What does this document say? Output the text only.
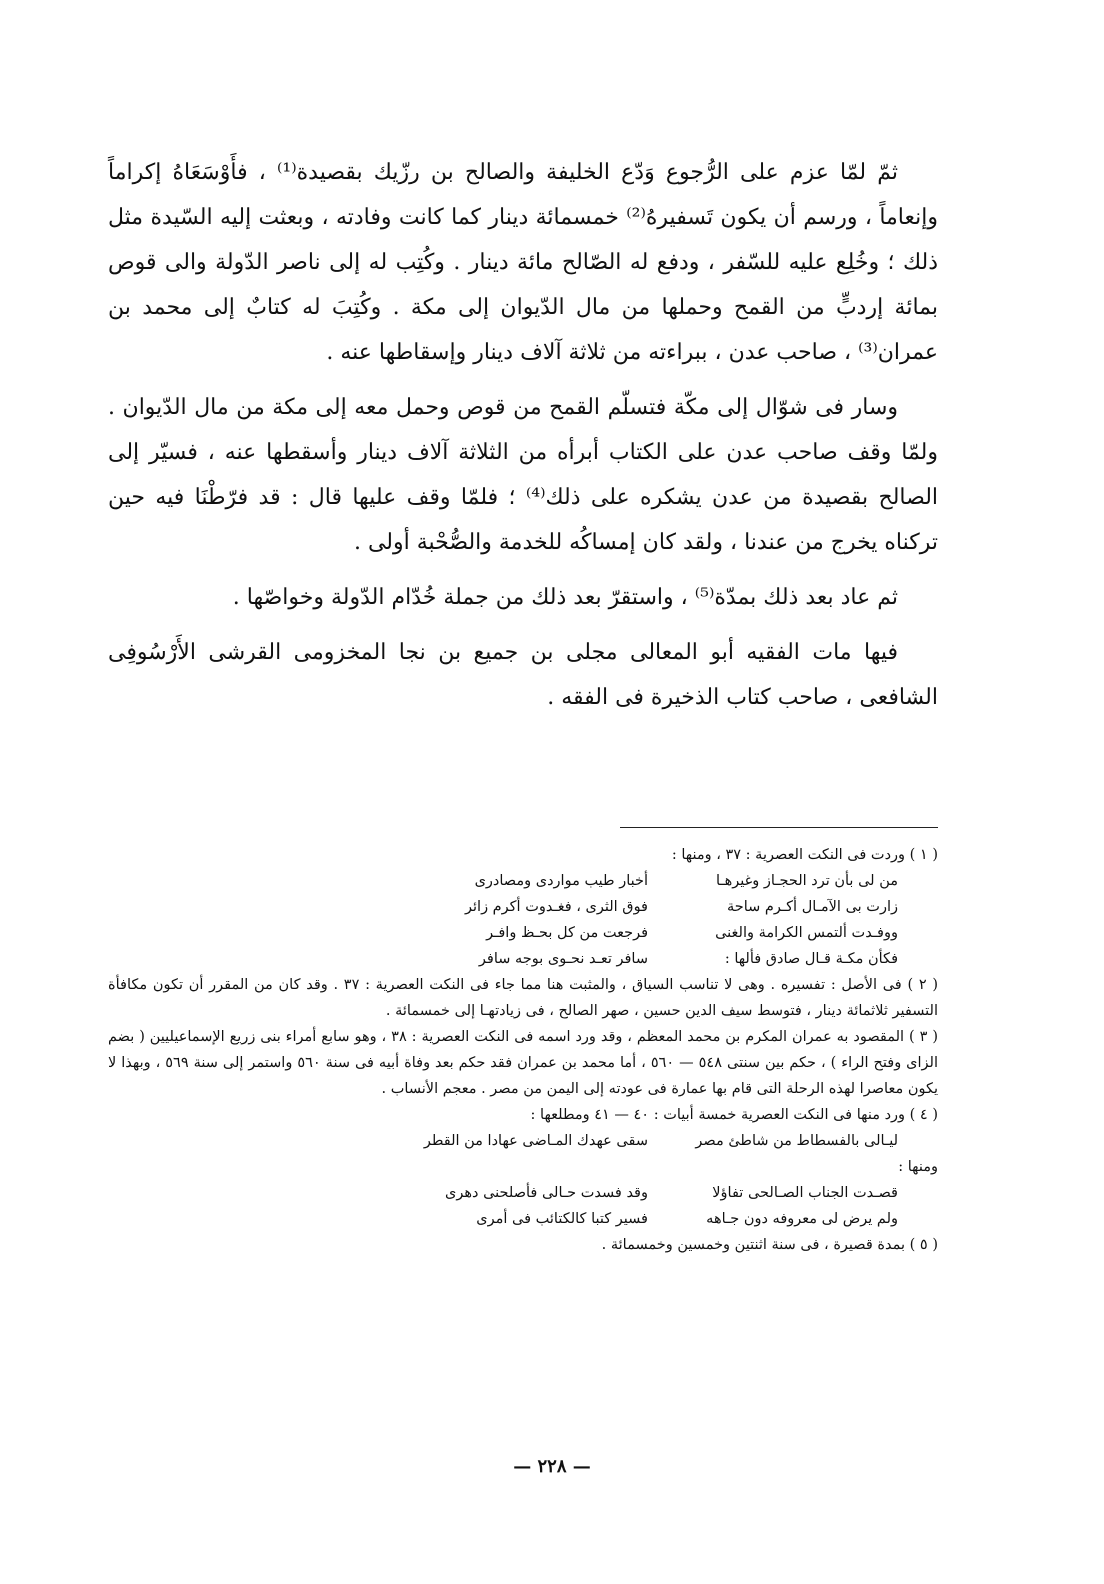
ثمّ لمّا عزم على الرُّجوع وَدّع الخليفة والصالح بن رزّيك بقصيدة⁽¹⁾ ، فأَوْسَعَاهُ إكراماً وإنعاماً ، ورسم أن يكون تَسفيرهُ⁽²⁾ خمسمائة دينار كما كانت وفادته ، وبعثت إليه السّيدة مثل ذلك ؛ وخُلِع عليه للسّفر ، ودفع له الصّالح مائة دينار . وكُتِب له إلى ناصر الدّولة والى قوص بمائة إردبٍّ من القمح وحملها من مال الدّيوان إلى مكة . وكُتِبَ له كتابٌ إلى محمد بن عمران⁽³⁾ ، صاحب عدن ، ببراءته من ثلاثة آلاف دينار وإسقاطها عنه .

وسار فى شوّال إلى مكّة فتسلّم القمح من قوص وحمل معه إلى مكة من مال الدّيوان . ولمّا وقف صاحب عدن على الكتاب أبرأه من الثلاثة آلاف دينار وأسقطها عنه ، فسيّر إلى الصالح بقصيدة من عدن يشكره على ذلك⁽⁴⁾ ؛ فلمّا وقف عليها قال : قد فرّطْنَا فيه حين تركناه يخرج من عندنا ، ولقد كان إمساكُه للخدمة والصُّحْبة أولى .

ثم عاد بعد ذلك بمدّة⁽⁵⁾ ، واستقرّ بعد ذلك من جملة خُدّام الدّولة وخواصّها .

فيها مات الفقيه أبو المعالى مجلى بن جميع بن نجا المخزومى القرشى الأَرْسُوفِى الشافعى ، صاحب كتاب الذخيرة فى الفقه .

( ١ ) وردت فى النكت العصرية : ٣٧ ، ومنها :

من لى بأن ترد الحجـاز وغيرهـا
أخبار طيب مواردى ومصادرى
زارت بى الآمـال أكـرم ساحة
فوق الثرى ، فغـدوت أكرم زائر
ووفـدت ألتمس الكرامة والغنى
فرجعت من كل بحـظ وافـر
فكأن مكـة قـال صادق فألها :
سافر تعـد نحـوى بوجه سافر

( ٢ ) فى الأصل : تفسيره . وهى لا تناسب السياق ، والمثبت هنا مما جاء فى النكت العصرية : ٣٧ . وقد كان من المقرر أن تكون مكافأة التسفير ثلاثمائة دينار ، فتوسط سيف الدين حسين ، صهر الصالح ، فى زيادتهـا إلى خمسمائة .

( ٣ ) المقصود به عمران المكرم بن محمد المعظم ، وقد ورد اسمه فى النكت العصرية : ٣٨ ، وهو سابع أمراء بنى زريع الإسماعيليين ( بضم الزاى وفتح الراء ) ، حكم بين سنتى ٥٤٨ — ٥٦٠ ، أما محمد بن عمران فقد حكم بعد وفاة أبيه فى سنة ٥٦٠ واستمر إلى سنة ٥٦٩ ، وبهذا لا يكون معاصرا لهذه الرحلة التى قام بها عمارة فى عودته إلى اليمن من مصر . معجم الأنساب .

( ٤ ) ورد منها فى النكت العصرية خمسة أبيات : ٤٠ — ٤١ ومطلعها :

ليـالى بالفسطاط من شاطئ مصر
سقى عهدك المـاضى عهادا من القطر

ومنها :

قصـدت الجناب الصـالحى تفاؤلا
وقد فسدت حـالى فأصلحنى دهرى
ولم يرض لى معروفه دون جـاهه
فسير كتبا كالكتائب فى أمرى

( ٥ ) بمدة قصيرة ، فى سنة اثنتين وخمسين وخمسمائة .

— ٢٢٨ —
